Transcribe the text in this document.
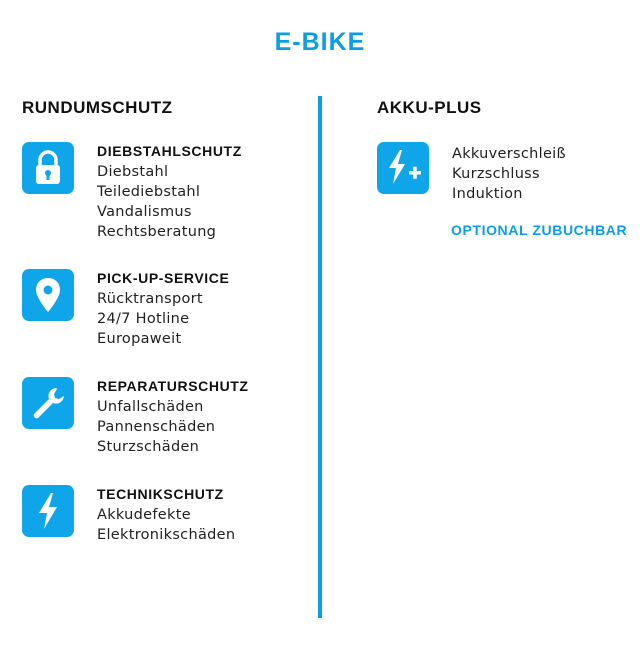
E-BIKE
RUNDUMSCHUTZ	AKKU-PLUS
DIEBSTAHLSCHUTZ
Diebstahl
Teilediebstahl
Vandalismus
Rechtsberatung
PICK-UP-SERVICE
Rücktransport
24/7 Hotline
Europaweit
REPARATURSCHUTZ
Unfallschäden
Pannenschäden
Sturzschäden
TECHNIKSCHUTZ
Akkudefekte
Elektronikschäden
Akkuverschleiß
Kurzschluss
Induktion
OPTIONAL ZUBUCHBAR
